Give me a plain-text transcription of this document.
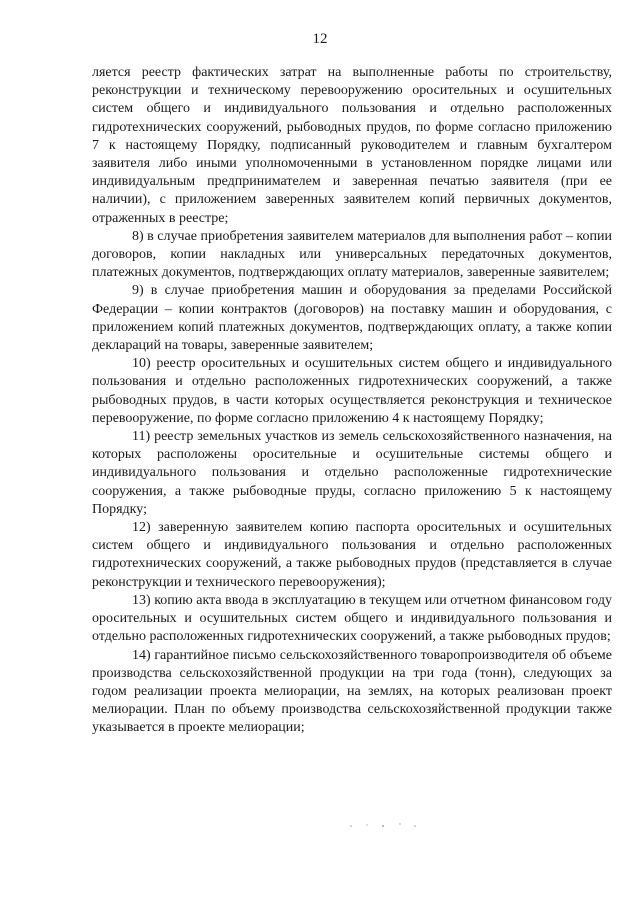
12

ляется реестр фактических затрат на выполненные работы по строительству, реконструкции и техническому перевооружению оросительных и осушительных систем общего и индивидуального пользования и отдельно расположенных гидротехнических сооружений, рыбоводных прудов, по форме согласно приложению 7 к настоящему Порядку, подписанный руководителем и главным бухгалтером заявителя либо иными уполномоченными в установленном порядке лицами или индивидуальным предпринимателем и заверенная печатью заявителя (при ее наличии), с приложением заверенных заявителем копий первичных документов, отраженных в реестре;

8) в случае приобретения заявителем материалов для выполнения работ – копии договоров, копии накладных или универсальных передаточных документов, платежных документов, подтверждающих оплату материалов, заверенные заявителем;

9) в случае приобретения машин и оборудования за пределами Российской Федерации – копии контрактов (договоров) на поставку машин и оборудования, с приложением копий платежных документов, подтверждающих оплату, а также копии деклараций на товары, заверенные заявителем;

10) реестр оросительных и осушительных систем общего и индивидуального пользования и отдельно расположенных гидротехнических сооружений, а также рыбоводных прудов, в части которых осуществляется реконструкция и техническое перевооружение, по форме согласно приложению 4 к настоящему Порядку;

11) реестр земельных участков из земель сельскохозяйственного назначения, на которых расположены оросительные и осушительные системы общего и индивидуального пользования и отдельно расположенные гидротехнические сооружения, а также рыбоводные пруды, согласно приложению 5 к настоящему Порядку;

12) заверенную заявителем копию паспорта оросительных и осушительных систем общего и индивидуального пользования и отдельно расположенных гидротехнических сооружений, а также рыбоводных прудов (представляется в случае реконструкции и технического перевооружения);

13) копию акта ввода в эксплуатацию в текущем или отчетном финансовом году оросительных и осушительных систем общего и индивидуального пользования и отдельно расположенных гидротехнических сооружений, а также рыбоводных прудов;

14) гарантийное письмо сельскохозяйственного товаропроизводителя об объеме производства сельскохозяйственной продукции на три года (тонн), следующих за годом реализации проекта мелиорации, на землях, на которых реализован проект мелиорации. План по объему производства сельскохозяйственной продукции также указывается в проекте мелиорации;
